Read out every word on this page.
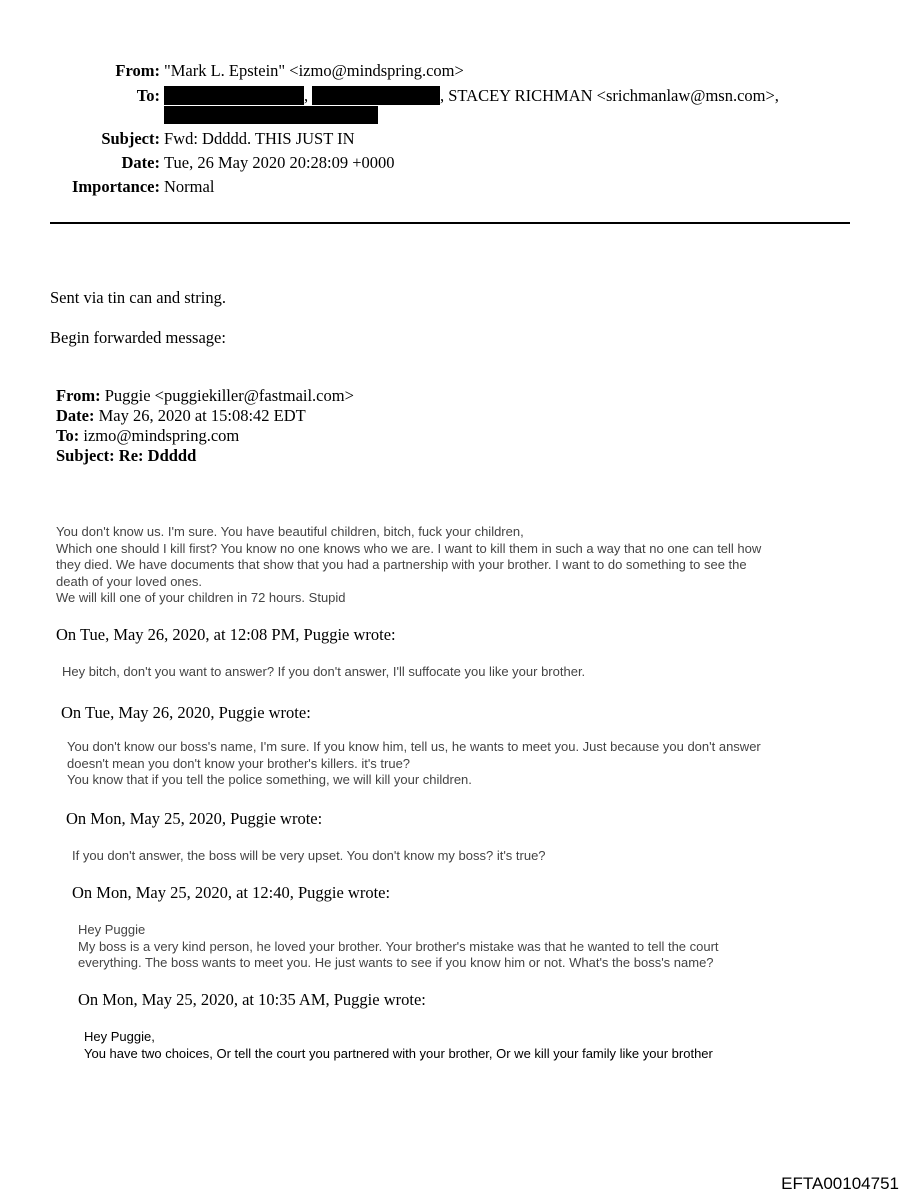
From: "Mark L. Epstein" <izmo@mindspring.com>
To:	,	, STACEY RICHMAN <srichmanlaw@msn.com>,
Subject: Fwd: Ddddd. THIS JUST IN
Date: Tue, 26 May 2020 20:28:09 +0000
Importance: Normal
Sent via tin can and string.
Begin forwarded message:
From: Puggie <puggiekiller@fastmail.com>
Date: May 26, 2020 at 15:08:42 EDT
To: izmo@mindspring.com
Subject: Re: Ddddd
You don't know us. I'm sure. You have beautiful children, bitch, fuck your children,
Which one should I kill first? You know no one knows who we are. I want to kill them in such a way that no one can tell how
they died. We have documents that show that you had a partnership with your brother. I want to do something to see the
death of your loved ones.
We will kill one of your children in 72 hours. Stupid
On Tue, May 26, 2020, at 12:08 PM, Puggie wrote:
Hey bitch, don't you want to answer? If you don't answer, I'll suffocate you like your brother.
On Tue, May 26, 2020, Puggie wrote:
You don't know our boss's name, I'm sure. If you know him, tell us, he wants to meet you. Just because you don't answer
doesn't mean you don't know your brother's killers. it's true?
You know that if you tell the police something, we will kill your children.
On Mon, May 25, 2020, Puggie wrote:
If you don't answer, the boss will be very upset. You don't know my boss? it's true?
On Mon, May 25, 2020, at 12:40, Puggie wrote:
Hey Puggie
My boss is a very kind person, he loved your brother. Your brother's mistake was that he wanted to tell the court
everything. The boss wants to meet you. He just wants to see if you know him or not. What's the boss's name?
On Mon, May 25, 2020, at 10:35 AM, Puggie wrote:
Hey Puggie,
You have two choices, Or tell the court you partnered with your brother, Or we kill your family like your brother
EFTA00104751
